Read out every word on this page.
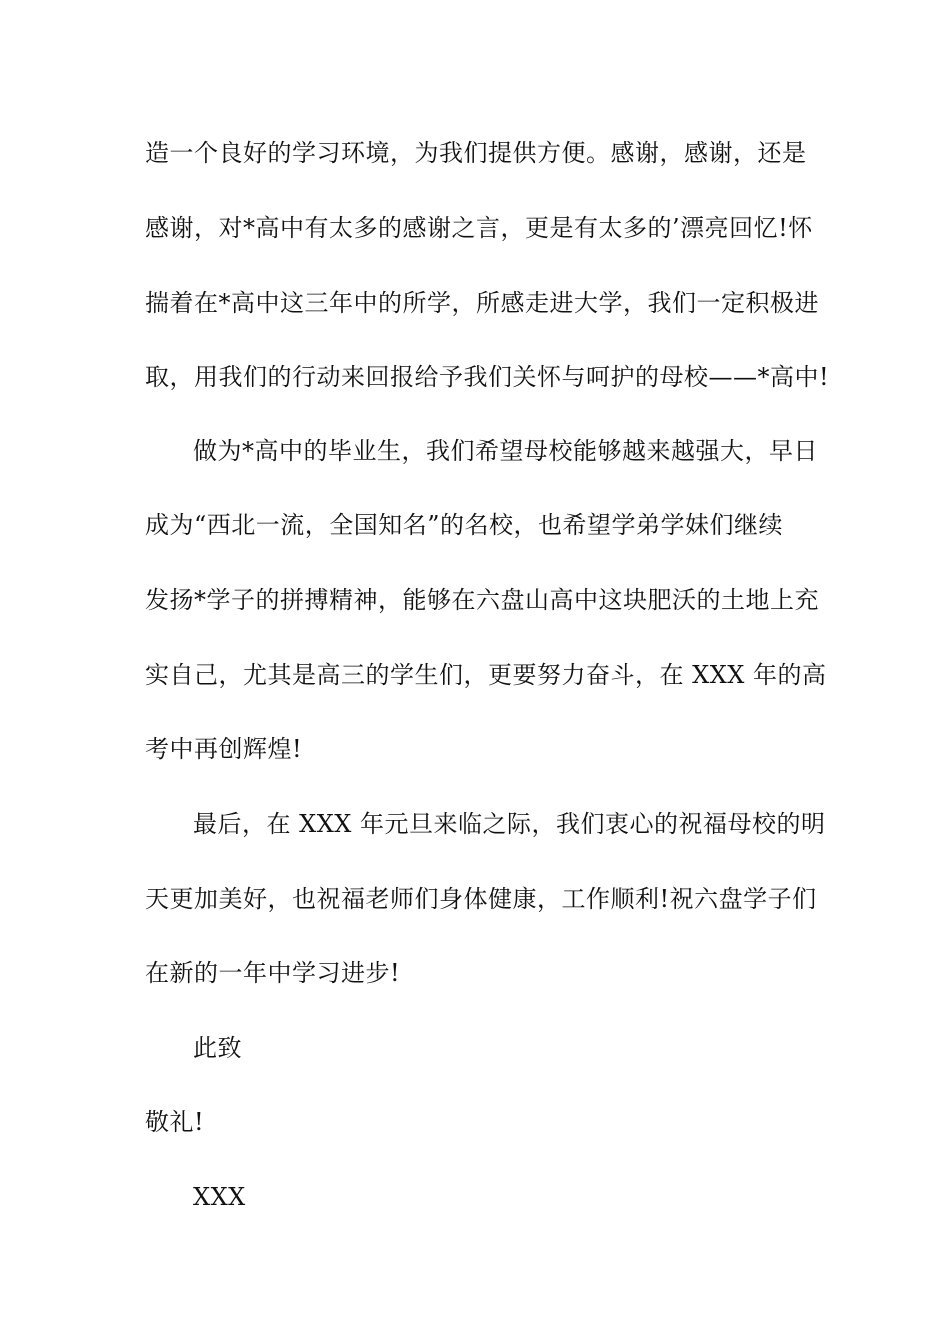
造一个良好的学习环境，为我们提供方便。感谢，感谢，还是
感谢，对*高中有太多的感谢之言，更是有太多的’漂亮回忆!怀
揣着在*高中这三年中的所学，所感走进大学，我们一定积极进
取，用我们的行动来回报给予我们关怀与呵护的母校——*高中!
做为*高中的毕业生，我们希望母校能够越来越强大，早日
成为“西北一流，全国知名”的名校，也希望学弟学妹们继续
发扬*学子的拼搏精神，能够在六盘山高中这块肥沃的土地上充
实自己，尤其是高三的学生们，更要努力奋斗，在 XXX 年的高
考中再创辉煌!
最后，在 XXX 年元旦来临之际，我们衷心的祝福母校的明
天更加美好，也祝福老师们身体健康，工作顺利!祝六盘学子们
在新的一年中学习进步!
此致
敬礼!
XXX
